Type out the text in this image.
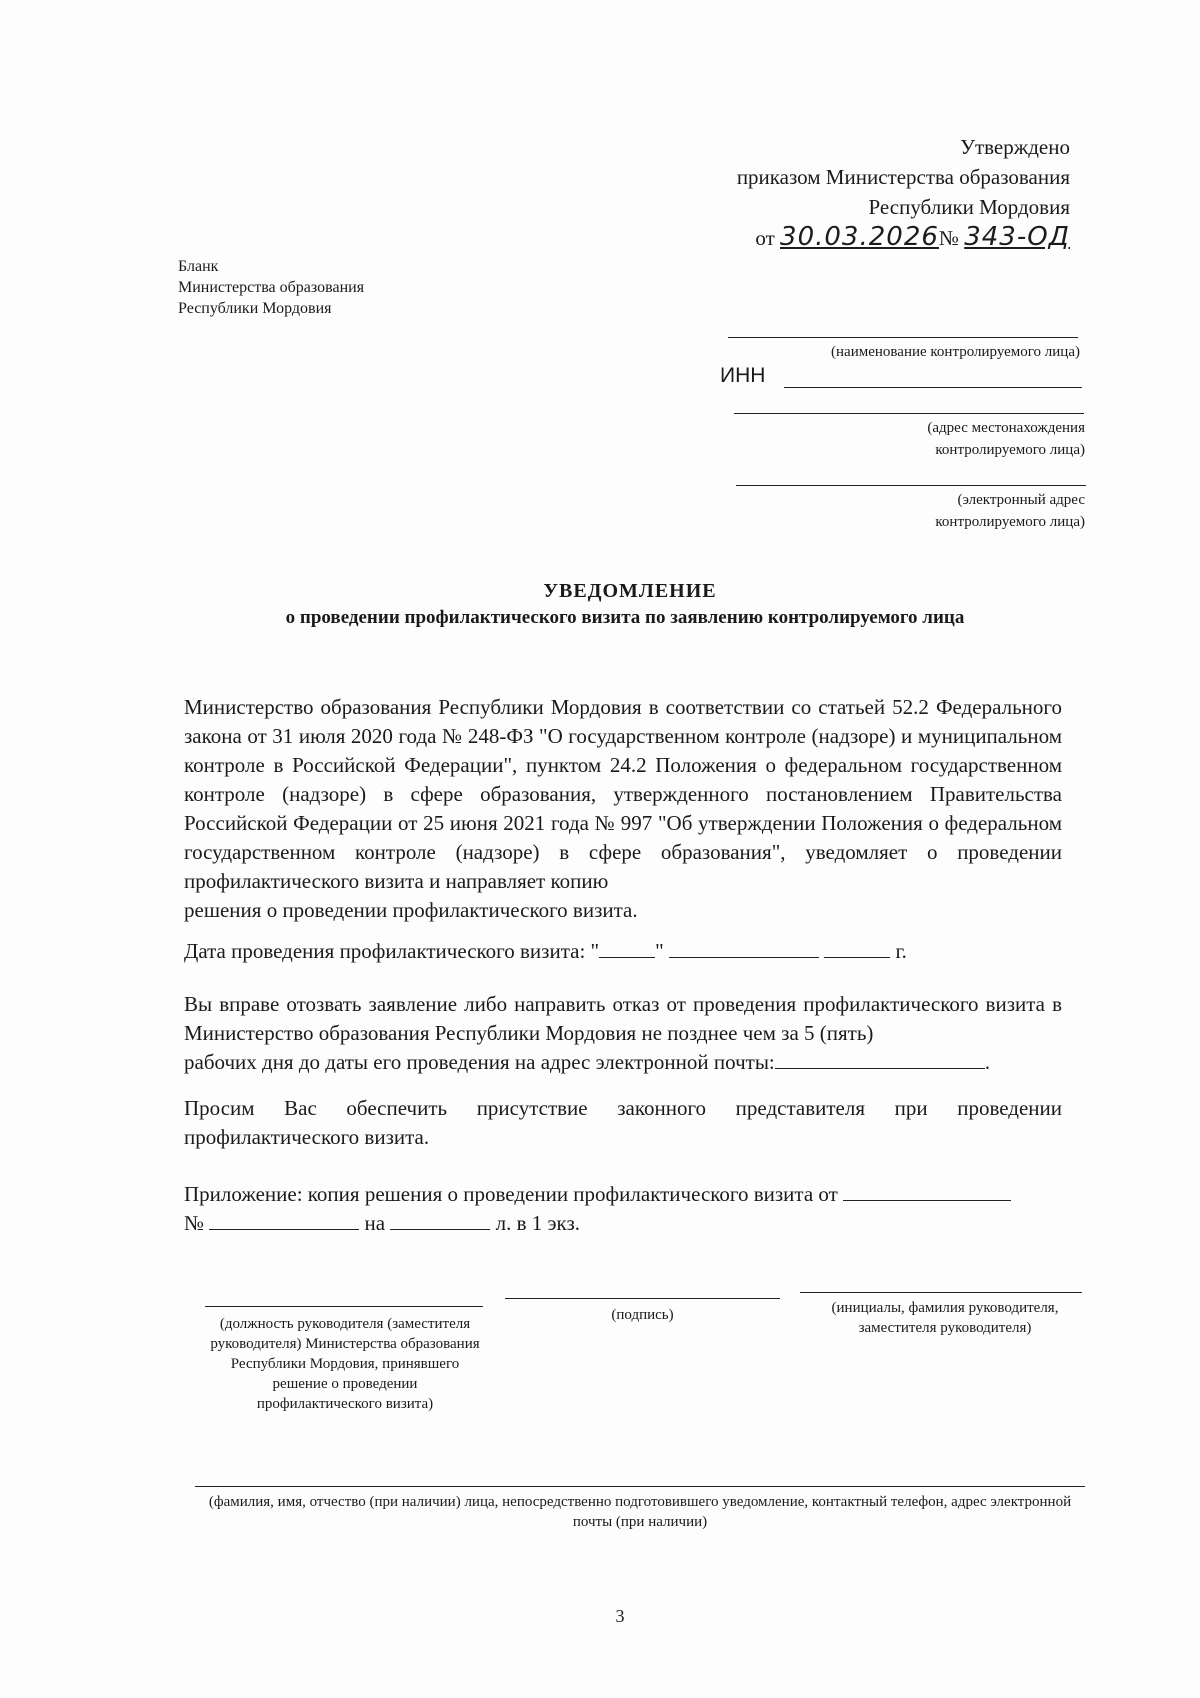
Утверждено
приказом Министерства образования
Республики Мордовия
от 30.03.2026№ 343-ОД
Бланк
Министерства образования
Республики Мордовия
(наименование контролируемого лица)
ИНН
(адрес местонахождения
контролируемого лица)
(электронный адрес
контролируемого лица)
УВЕДОМЛЕНИЕ
о проведении профилактического визита по заявлению контролируемого лица
Министерство образования Республики Мордовия в соответствии со статьей 52.2 Федерального закона от 31 июля 2020 года № 248-ФЗ "О государственном контроле (надзоре) и муниципальном контроле в Российской Федерации", пунктом 24.2 Положения о федеральном государственном контроле (надзоре) в сфере образования, утвержденного постановлением Правительства Российской Федерации от 25 июня 2021 года № 997 "Об утверждении Положения о федеральном государственном контроле (надзоре) в сфере образования", уведомляет о проведении профилактического визита и направляет копию
решения о проведении профилактического визита.
Дата проведения профилактического визита: "	"	г.
Вы вправе отозвать заявление либо направить отказ от проведения профилактического визита в Министерство образования Республики Мордовия не позднее чем за 5 (пять)
рабочих дня до даты его проведения на адрес электронной почты:	.
Просим Вас обеспечить присутствие законного представителя при проведении
профилактического визита.
Приложение: копия решения о проведении профилактического визита от
№	на	л. в 1 экз.
(должность руководителя (заместителя руководителя) Министерства образования Республики Мордовия, принявшего решение о проведении профилактического визита)
(подпись)	(инициалы, фамилия руководителя, заместителя руководителя)
(фамилия, имя, отчество (при наличии) лица, непосредственно подготовившего уведомление, контактный телефон, адрес электронной почты (при наличии)
3
